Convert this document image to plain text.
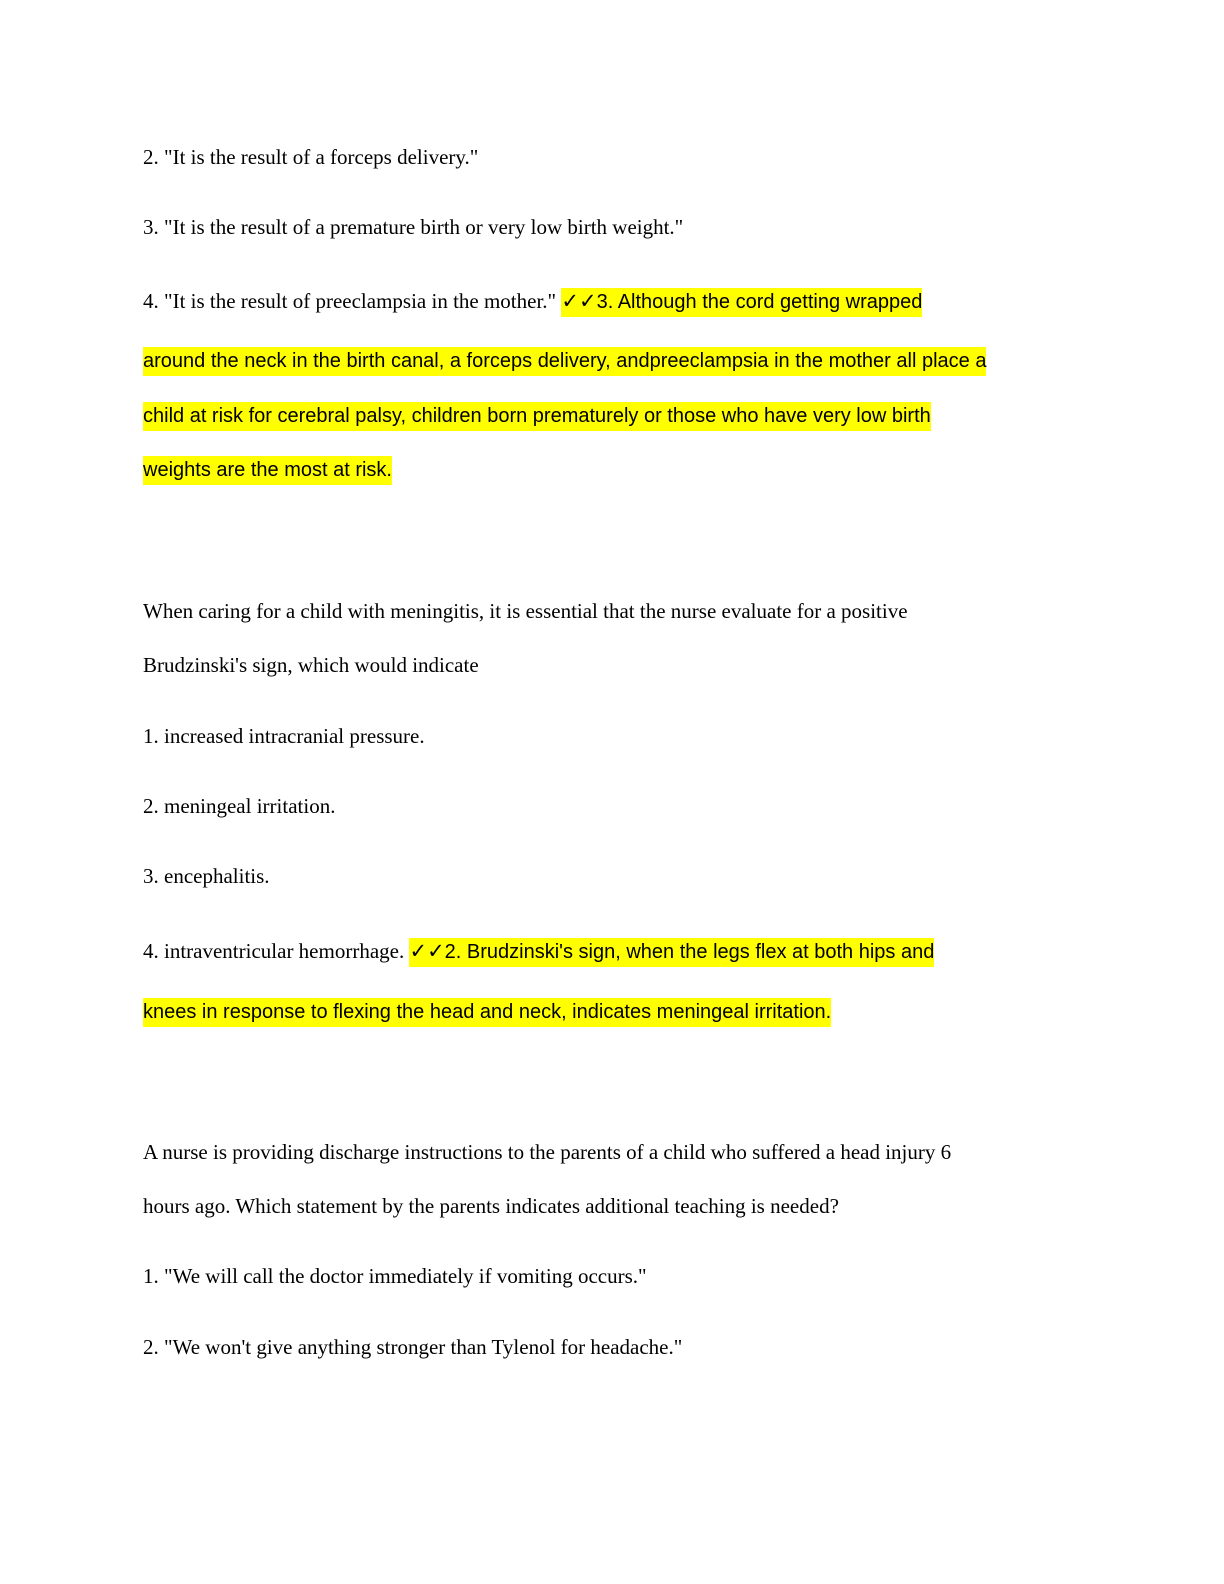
2. "It is the result of a forceps delivery."
3. "It is the result of a premature birth or very low birth weight."
4. "It is the result of preeclampsia in the mother." ✓✓3. Although the cord getting wrapped
around the neck in the birth canal, a forceps delivery, andpreeclampsia in the mother all place a
child at risk for cerebral palsy, children born prematurely or those who have very low birth
weights are the most at risk.
When caring for a child with meningitis, it is essential that the nurse evaluate for a positive
Brudzinski's sign, which would indicate
1. increased intracranial pressure.
2. meningeal irritation.
3. encephalitis.
4. intraventricular hemorrhage. ✓✓2. Brudzinski's sign, when the legs flex at both hips and
knees in response to flexing the head and neck, indicates meningeal irritation.
A nurse is providing discharge instructions to the parents of a child who suffered a head injury 6
hours ago. Which statement by the parents indicates additional teaching is needed?
1. "We will call the doctor immediately if vomiting occurs."
2. "We won't give anything stronger than Tylenol for headache."
